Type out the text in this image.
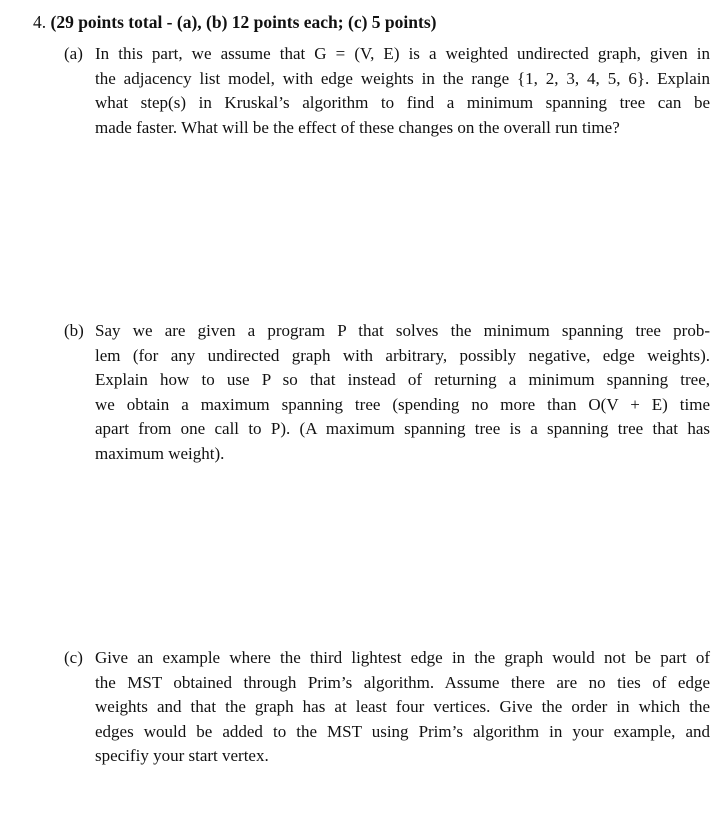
4. (29 points total - (a), (b) 12 points each; (c) 5 points)
(a) In this part, we assume that G = (V, E) is a weighted undirected graph, given in
the adjacency list model, with edge weights in the range {1, 2, 3, 4, 5, 6}. Explain
what step(s) in Kruskal’s algorithm to find a minimum spanning tree can be
made faster. What will be the effect of these changes on the overall run time?
(b) Say we are given a program P that solves the minimum spanning tree prob-
lem (for any undirected graph with arbitrary, possibly negative, edge weights).
Explain how to use P so that instead of returning a minimum spanning tree,
we obtain a maximum spanning tree (spending no more than O(V + E) time
apart from one call to P). (A maximum spanning tree is a spanning tree that has
maximum weight).
(c) Give an example where the third lightest edge in the graph would not be part of
the MST obtained through Prim’s algorithm. Assume there are no ties of edge
weights and that the graph has at least four vertices. Give the order in which the
edges would be added to the MST using Prim’s algorithm in your example, and
specifiy your start vertex.
